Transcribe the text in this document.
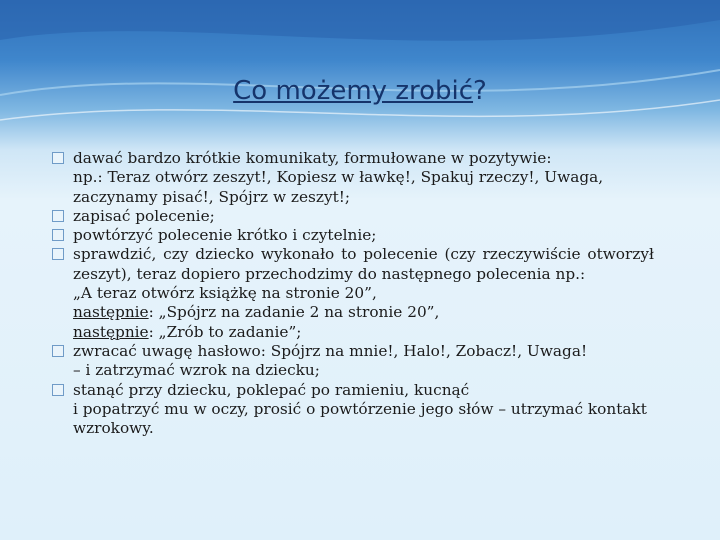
Co możemy zrobić?
dawać bardzo krótkie komunikaty, formułowane w pozytywie:
np.: Teraz otwórz zeszyt!, Kopiesz w ławkę!, Spakuj rzeczy!, Uwaga, zaczynamy pisać!, Spójrz w zeszyt!;
zapisać polecenie;
powtórzyć polecenie krótko i czytelnie;
sprawdzić, czy dziecko wykonało to polecenie (czy rzeczywiście otworzył zeszyt), teraz dopiero przechodzimy do następnego polecenia np.:
„A teraz otwórz książkę na stronie 20”,
następnie: „Spójrz na zadanie 2 na stronie 20”,
następnie: „Zrób to zadanie”;
zwracać uwagę hasłowo: Spójrz na mnie!, Halo!, Zobacz!, Uwaga!
– i zatrzymać wzrok na dziecku;
stanąć przy dziecku, poklepać po ramieniu, kucnąć
i popatrzyć mu w oczy, prosić o powtórzenie jego słów – utrzymać kontakt wzrokowy.
